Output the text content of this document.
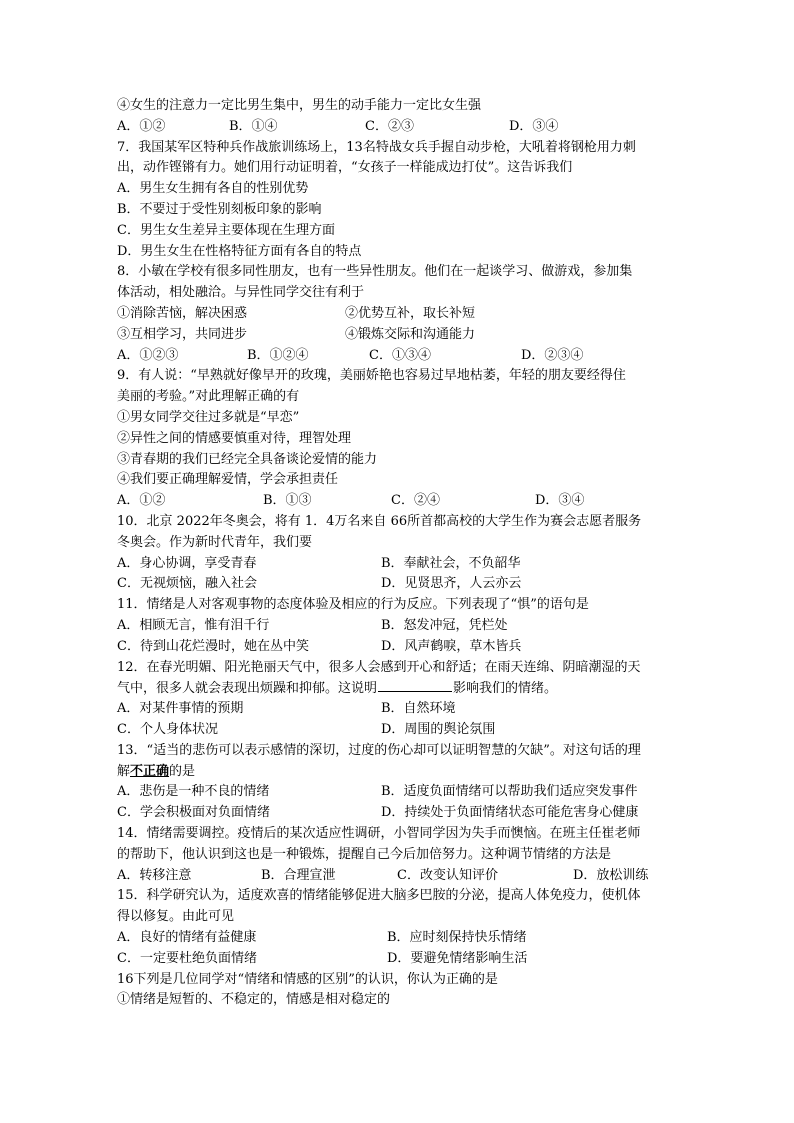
④女生的注意力一定比男生集中，男生的动手能力一定比女生强
A．①②	B．①④	C．②③	D．③④
7．我国某军区特种兵作战旅训练场上，13名特战女兵手握自动步枪，大吼着将钢枪用力刺
出，动作铿锵有力。她们用行动证明着，“女孩子一样能成边打仗”。这告诉我们
A．男生女生拥有各自的性别优势
B．不要过于受性别刻板印象的影响
C．男生女生差异主要体现在生理方面
D．男生女生在性格特征方面有各自的特点
8．小敏在学校有很多同性朋友，也有一些异性朋友。他们在一起谈学习、做游戏，参加集
体活动，相处融洽。与异性同学交往有利于
①消除苦恼，解决困惑	②优势互补，取长补短
③互相学习，共同进步	④锻炼交际和沟通能力
A．①②③	B．①②④	C．①③④	D．②③④
9．有人说：“早熟就好像早开的玫瑰，美丽娇艳也容易过早地枯萎，年轻的朋友要经得住
美丽的考验。”对此理解正确的有
①男女同学交往过多就是“早恋”
②异性之间的情感要慎重对待，理智处理
③青春期的我们已经完全具备谈论爱情的能力
④我们要正确理解爱情，学会承担责任
A．①②	B．①③	C．②④	D．③④
10．北京 2022年冬奥会，将有 1．4万名来自 66所首都高校的大学生作为赛会志愿者服务
冬奥会。作为新时代青年，我们要
A．身心协调，享受青春	B．奉献社会，不负韶华
C．无视烦恼，融入社会	D．见贤思齐，人云亦云
11．情绪是人对客观事物的态度体验及相应的行为反应。下列表现了“惧”的语句是
A．相顾无言，惟有泪千行	B．怒发冲冠，凭栏处
C．待到山花烂漫时，她在丛中笑	D．风声鹤唳，草木皆兵
12．在春光明媚、阳光艳丽天气中，很多人会感到开心和舒适；在雨天连绵、阴暗潮湿的天
气中，很多人就会表现出烦躁和抑郁。这说明	影响我们的情绪。
A．对某件事情的预期	B．自然环境
C．个人身体状况	D．周围的舆论氛围
13．“适当的悲伤可以表示感情的深切，过度的伤心却可以证明智慧的欠缺”。对这句话的理
解不正确的是
A．悲伤是一种不良的情绪	B．适度负面情绪可以帮助我们适应突发事件
C．学会积极面对负面情绪	D．持续处于负面情绪状态可能危害身心健康
14．情绪需要调控。疫情后的某次适应性调研，小智同学因为失手而懊恼。在班主任崔老师
的帮助下，他认识到这也是一种锻炼，提醒自己今后加倍努力。这种调节情绪的方法是
A．转移注意	B．合理宣泄	C．改变认知评价	D．放松训练
15．科学研究认为，适度欢喜的情绪能够促进大脑多巴胺的分泌，提高人体免疫力，使机体
得以修复。由此可见
A．良好的情绪有益健康	B．应时刻保持快乐情绪
C．一定要杜绝负面情绪	D．要避免情绪影响生活
16下列是几位同学对“情绪和情感的区别”的认识，你认为正确的是
①情绪是短暂的、不稳定的，情感是相对稳定的
